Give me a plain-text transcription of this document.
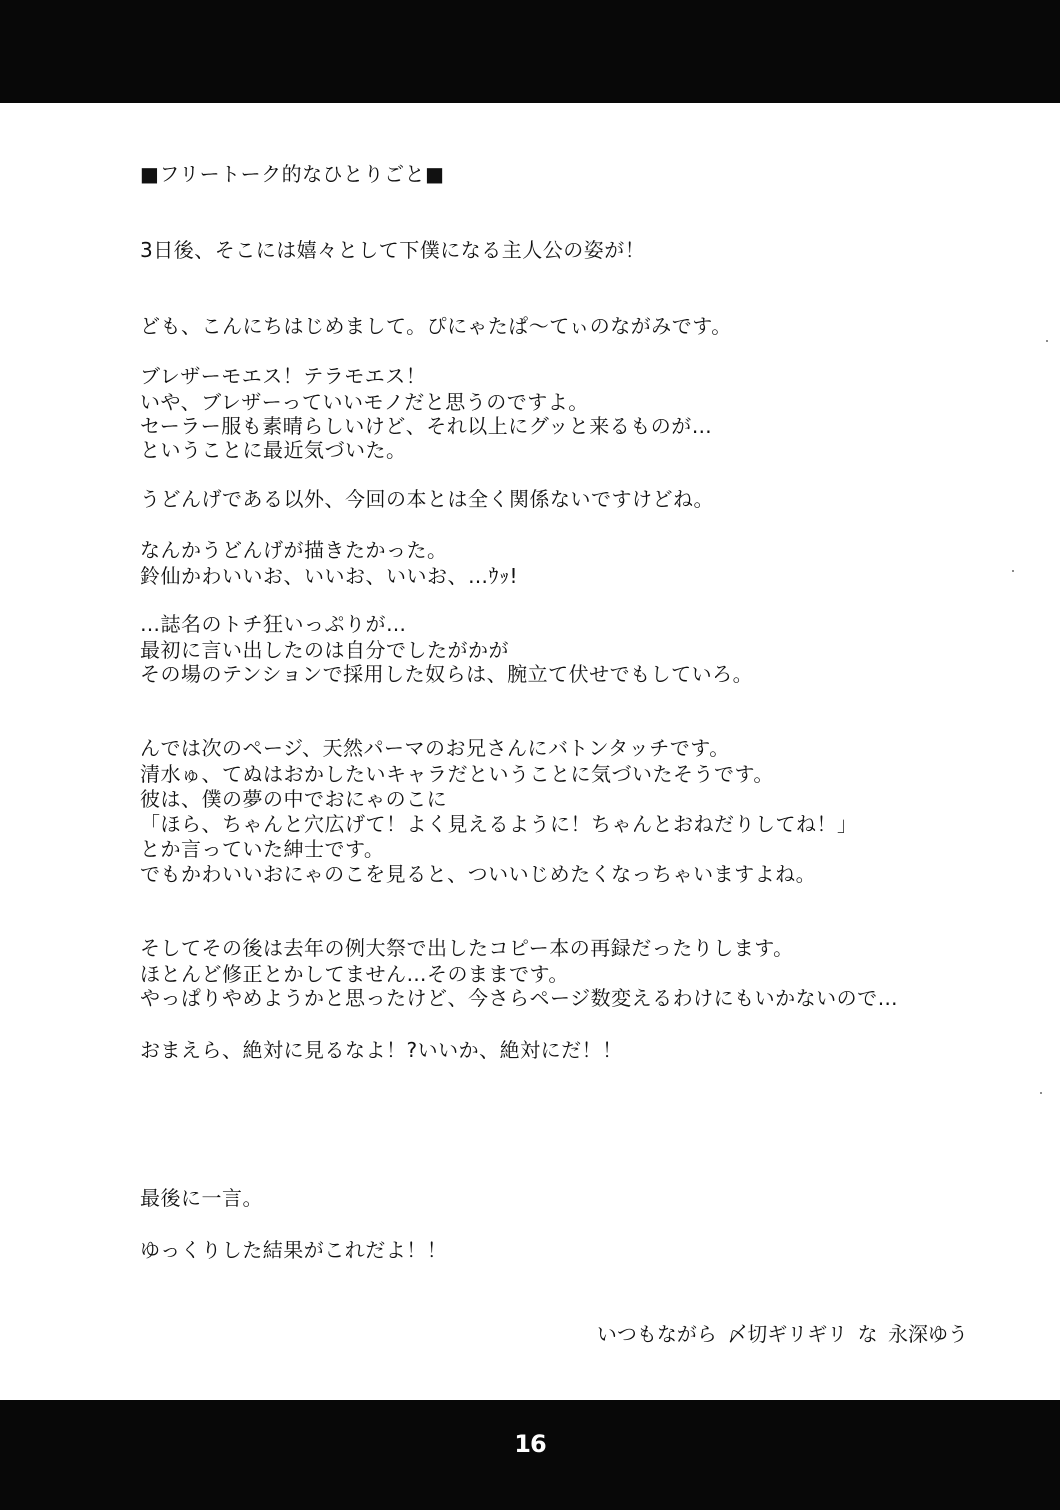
■フリートーク的なひとりごと■
3日後、そこには嬉々として下僕になる主人公の姿が！
ども、こんにちはじめまして。ぴにゃたぱ～てぃのながみです。
ブレザーモエス！テラモエス！
いや、ブレザーっていいモノだと思うのですよ。
セーラー服も素晴らしいけど、それ以上にグッと来るものが…
ということに最近気づいた。
うどんげである以外、今回の本とは全く関係ないですけどね。
なんかうどんげが描きたかった。
鈴仙かわいいお、いいお、いいお、…ｳｯ!
…誌名のトチ狂いっぷりが…
最初に言い出したのは自分でしたがかが
その場のテンションで採用した奴らは、腕立て伏せでもしていろ。
んでは次のページ、天然パーマのお兄さんにバトンタッチです。
清水ゅ、てぬはおかしたいキャラだということに気づいたそうです。
彼は、僕の夢の中でおにゃのこに
「ほら、ちゃんと穴広げて！よく見えるように！ちゃんとおねだりしてね！」
とか言っていた紳士です。
でもかわいいおにゃのこを見ると、ついいじめたくなっちゃいますよね。
そしてその後は去年の例大祭で出したコピー本の再録だったりします。
ほとんど修正とかしてません…そのままです。
やっぱりやめようかと思ったけど、今さらページ数変えるわけにもいかないので…
おまえら、絶対に見るなよ！?いいか、絶対にだ！！
最後に一言。
ゆっくりした結果がこれだよ！！
いつもながら 〆切ギリギリ な 永深ゆう
16
